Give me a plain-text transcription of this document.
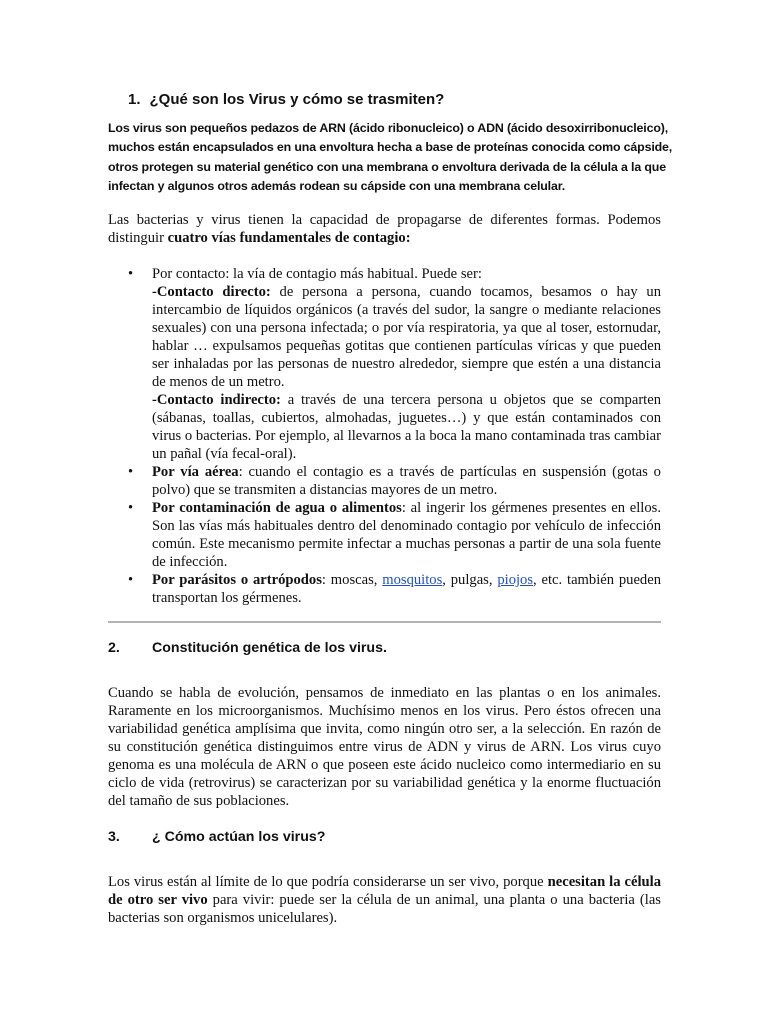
1. ¿Qué son los Virus y cómo se trasmiten?
Los virus son pequeños pedazos de ARN (ácido ribonucleico) o ADN (ácido desoxirribonucleico),
muchos están encapsulados en una envoltura hecha a base de proteínas conocida como cápside,
otros protegen su material genético con una membrana o envoltura derivada de la célula a la que
infectan y algunos otros además rodean su cápside con una membrana celular.
Las bacterias y virus tienen la capacidad de propagarse de diferentes formas. Podemos distinguir cuatro vías fundamentales de contagio:
• Por contacto: la vía de contagio más habitual. Puede ser:
-Contacto directo: de persona a persona, cuando tocamos, besamos o hay un intercambio de líquidos orgánicos (a través del sudor, la sangre o mediante relaciones sexuales) con una persona infectada; o por vía respiratoria, ya que al toser, estornudar, hablar … expulsamos pequeñas gotitas que contienen partículas víricas y que pueden ser inhaladas por las personas de nuestro alrededor, siempre que estén a una distancia de menos de un metro.
-Contacto indirecto: a través de una tercera persona u objetos que se comparten (sábanas, toallas, cubiertos, almohadas, juguetes…) y que están contaminados con virus o bacterias. Por ejemplo, al llevarnos a la boca la mano contaminada tras cambiar un pañal (vía fecal-oral).
• Por vía aérea: cuando el contagio es a través de partículas en suspensión (gotas o polvo) que se transmiten a distancias mayores de un metro.
• Por contaminación de agua o alimentos: al ingerir los gérmenes presentes en ellos. Son las vías más habituales dentro del denominado contagio por vehículo de infección común. Este mecanismo permite infectar a muchas personas a partir de una sola fuente de infección.
• Por parásitos o artrópodos: moscas, mosquitos, pulgas, piojos, etc. también pueden transportan los gérmenes.
2. Constitución genética de los virus.
Cuando se habla de evolución, pensamos de inmediato en las plantas o en los animales. Raramente en los microorganismos. Muchísimo menos en los virus. Pero éstos ofrecen una variabilidad genética amplísima que invita, como ningún otro ser, a la selección. En razón de su constitución genética distinguimos entre virus de ADN y virus de ARN. Los virus cuyo genoma es una molécula de ARN o que poseen este ácido nucleico como intermediario en su ciclo de vida (retrovirus) se caracterizan por su variabilidad genética y la enorme fluctuación del tamaño de sus poblaciones.
3. ¿ Cómo actúan los virus?
Los virus están al límite de lo que podría considerarse un ser vivo, porque necesitan la célula de otro ser vivo para vivir: puede ser la célula de un animal, una planta o una bacteria (las bacterias son organismos unicelulares).
